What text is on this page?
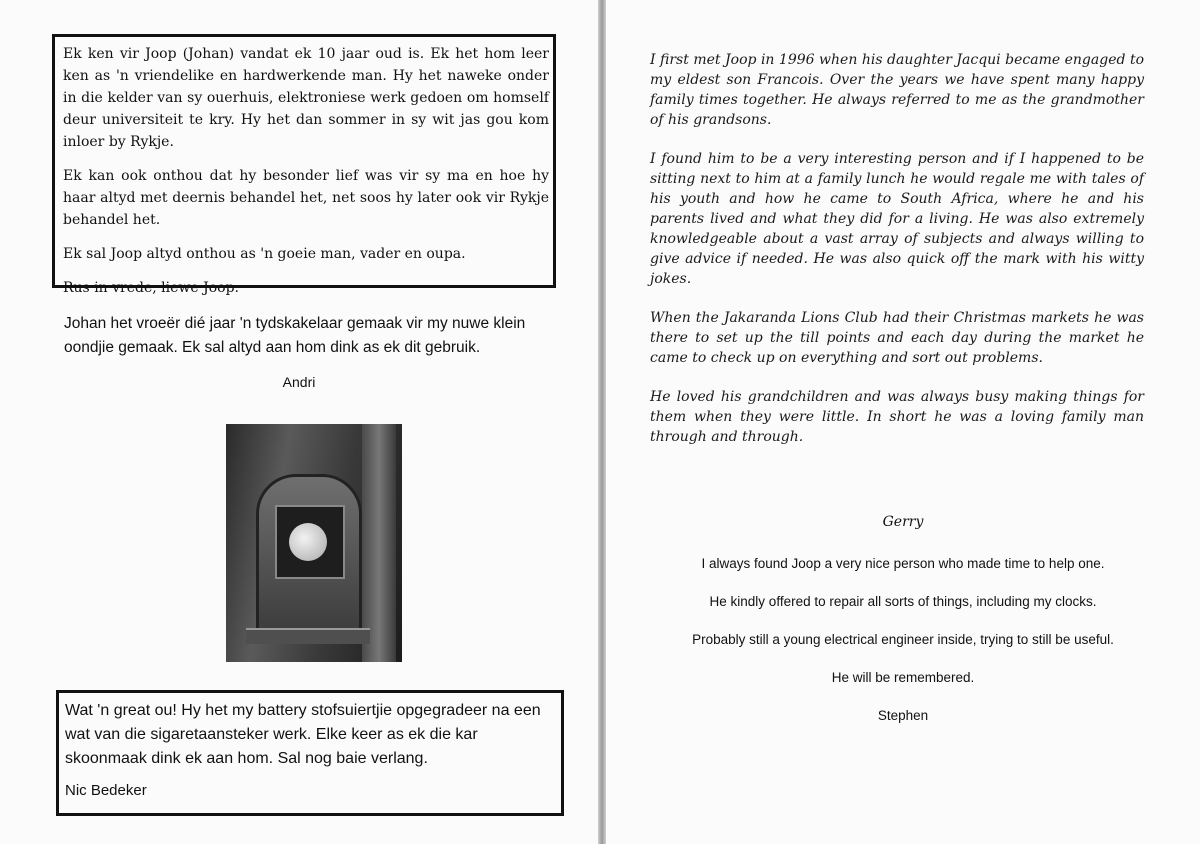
Ek ken vir Joop (Johan) vandat ek 10 jaar oud is. Ek het hom leer ken as 'n vriendelike en hardwerkende man. Hy het naweke onder in die kelder van sy ouerhuis, elektroniese werk gedoen om homself deur universiteit te kry. Hy het dan sommer in sy wit jas gou kom inloer by Rykje.

Ek kan ook onthou dat hy besonder lief was vir sy ma en hoe hy haar altyd met deernis behandel het, net soos hy later ook vir Rykje behandel het.

Ek sal Joop altyd onthou as 'n goeie man, vader en oupa.

Rus in vrede, liewe Joop.

Johan het vroeër dié jaar 'n tydskakelaar gemaak vir my nuwe klein oondjie gemaak. Ek sal altyd aan hom dink as ek dit gebruik.
Andri

Wat 'n great ou! Hy het my battery stofsuiertjie opgegradeer na een wat van die sigaretaansteker werk. Elke keer as ek die kar skoonmaak dink ek aan hom. Sal nog baie verlang.

Nic Bedeker

I first met Joop in 1996 when his daughter Jacqui became engaged to my eldest son Francois. Over the years we have spent many happy family times together. He always referred to me as the grandmother of his grandsons.

I found him to be a very interesting person and if I happened to be sitting next to him at a family lunch he would regale me with tales of his youth and how he came to South Africa, where he and his parents lived and what they did for a living. He was also extremely knowledgeable about a vast array of subjects and always willing to give advice if needed. He was also quick off the mark with his witty jokes.

When the Jakaranda Lions Club had their Christmas markets he was there to set up the till points and each day during the market he came to check up on everything and sort out problems.

He loved his grandchildren and was always busy making things for them when they were little. In short he was a loving family man through and through.

Gerry

I always found Joop a very nice person who made time to help one.

He kindly offered to repair all sorts of things, including my clocks.

Probably still a young electrical engineer inside, trying to still be useful.

He will be remembered.

Stephen
